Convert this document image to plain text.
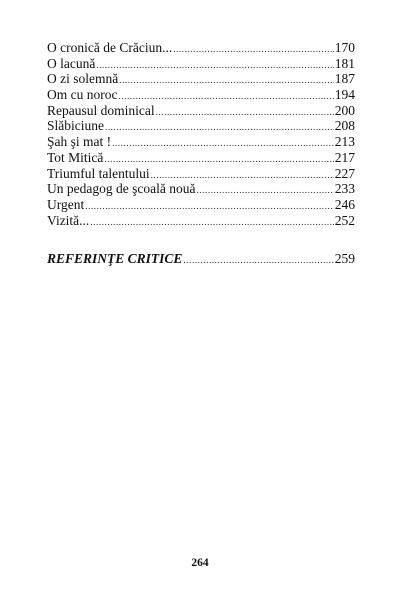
O cronică de Crăciun... .....	170
O lacună .....	181
O zi solemnă .....	187
Om cu noroc .....	194
Repausul dominical .....	200
Slăbiciune .....	208
Şah şi mat ! .....	213
Tot Mitică .....	217
Triumful talentului .....	227
Un pedagog de şcoală nouă .....	233
Urgent .....	246
Vizită... .....	252
REFERINŢE CRITICE .....	259
264
